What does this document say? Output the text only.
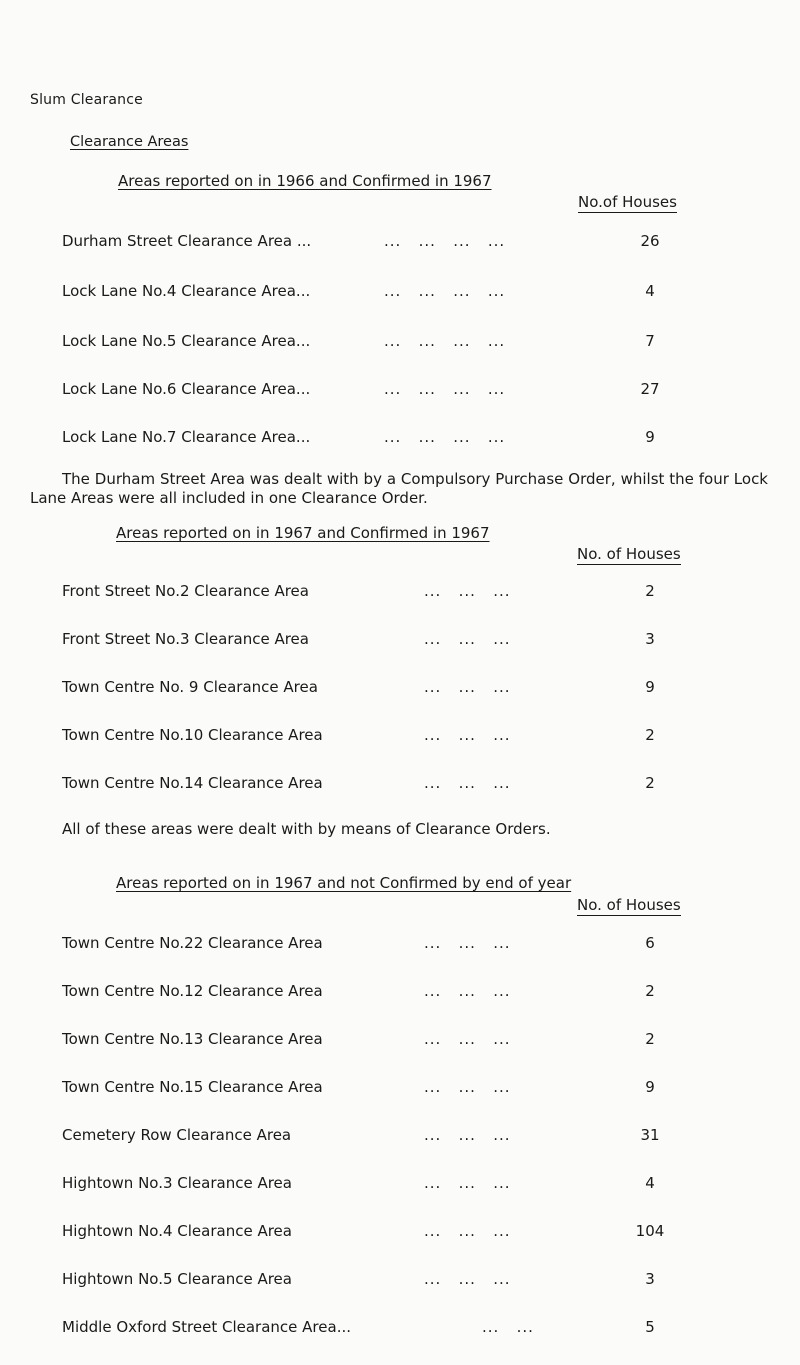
Slum Clearance
Clearance Areas
Areas reported on in 1966 and Confirmed in 1967
No.of Houses
Durham Street Clearance Area ...	...   ...   ...   ...	26
Lock Lane No.4 Clearance Area...	...   ...   ...   ...	4
Lock Lane No.5 Clearance Area...	...   ...   ...   ...	7
Lock Lane No.6 Clearance Area...	...   ...   ...   ...	27
Lock Lane No.7 Clearance Area...	...   ...   ...   ...	9
The Durham Street Area was dealt with by a Compulsory Purchase Order, whilst the four Lock Lane Areas were all included in one Clearance Order.
Areas reported on in 1967 and Confirmed in 1967
No. of Houses
Front Street No.2 Clearance Area	...   ...   ...	2
Front Street No.3 Clearance Area	...   ...   ...	3
Town Centre No. 9 Clearance Area	...   ...   ...	9
Town Centre No.10 Clearance Area	...   ...   ...	2
Town Centre No.14 Clearance Area	...   ...   ...	2
All of these areas were dealt with by means of Clearance Orders.
Areas reported on in 1967 and not Confirmed by end of year
No. of Houses
Town Centre No.22 Clearance Area	...   ...   ...	6
Town Centre No.12 Clearance Area	...   ...   ...	2
Town Centre No.13 Clearance Area	...   ...   ...	2
Town Centre No.15 Clearance Area	...   ...   ...	9
Cemetery Row Clearance Area	...   ...   ...	31
Hightown No.3 Clearance Area	...   ...   ...	4
Hightown No.4 Clearance Area	...   ...   ...	104
Hightown No.5 Clearance Area	...   ...   ...	3
Middle Oxford Street Clearance Area...	...   ...	5
